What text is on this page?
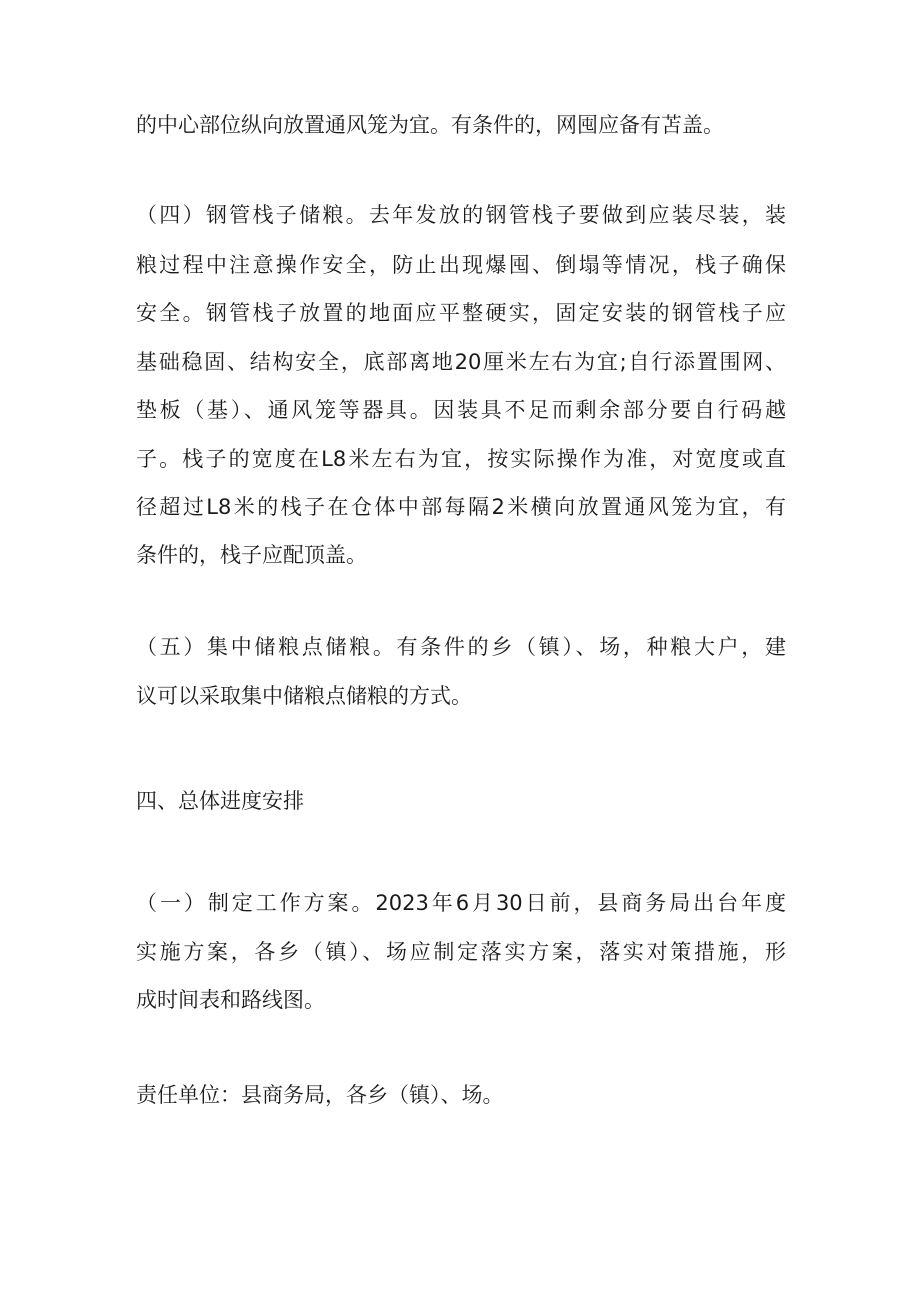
的中心部位纵向放置通风笼为宜。有条件的，网囤应备有苫盖。
（四）钢管栈子储粮。去年发放的钢管栈子要做到应装尽装，装
粮过程中注意操作安全，防止出现爆囤、倒塌等情况，栈子确保
安全。钢管栈子放置的地面应平整硬实，固定安装的钢管栈子应
基础稳固、结构安全，底部离地20厘米左右为宜;自行添置围网、
垫板（基）、通风笼等器具。因装具不足而剩余部分要自行码越
子。栈子的宽度在L8米左右为宜，按实际操作为准，对宽度或直
径超过L8米的栈子在仓体中部每隔2米横向放置通风笼为宜，有
条件的，栈子应配顶盖。
（五）集中储粮点储粮。有条件的乡（镇）、场，种粮大户，建
议可以采取集中储粮点储粮的方式。
四、总体进度安排
（一）制定工作方案。2023年6月30日前，县商务局出台年度
实施方案，各乡（镇）、场应制定落实方案，落实对策措施，形
成时间表和路线图。
责任单位：县商务局，各乡（镇）、场。
